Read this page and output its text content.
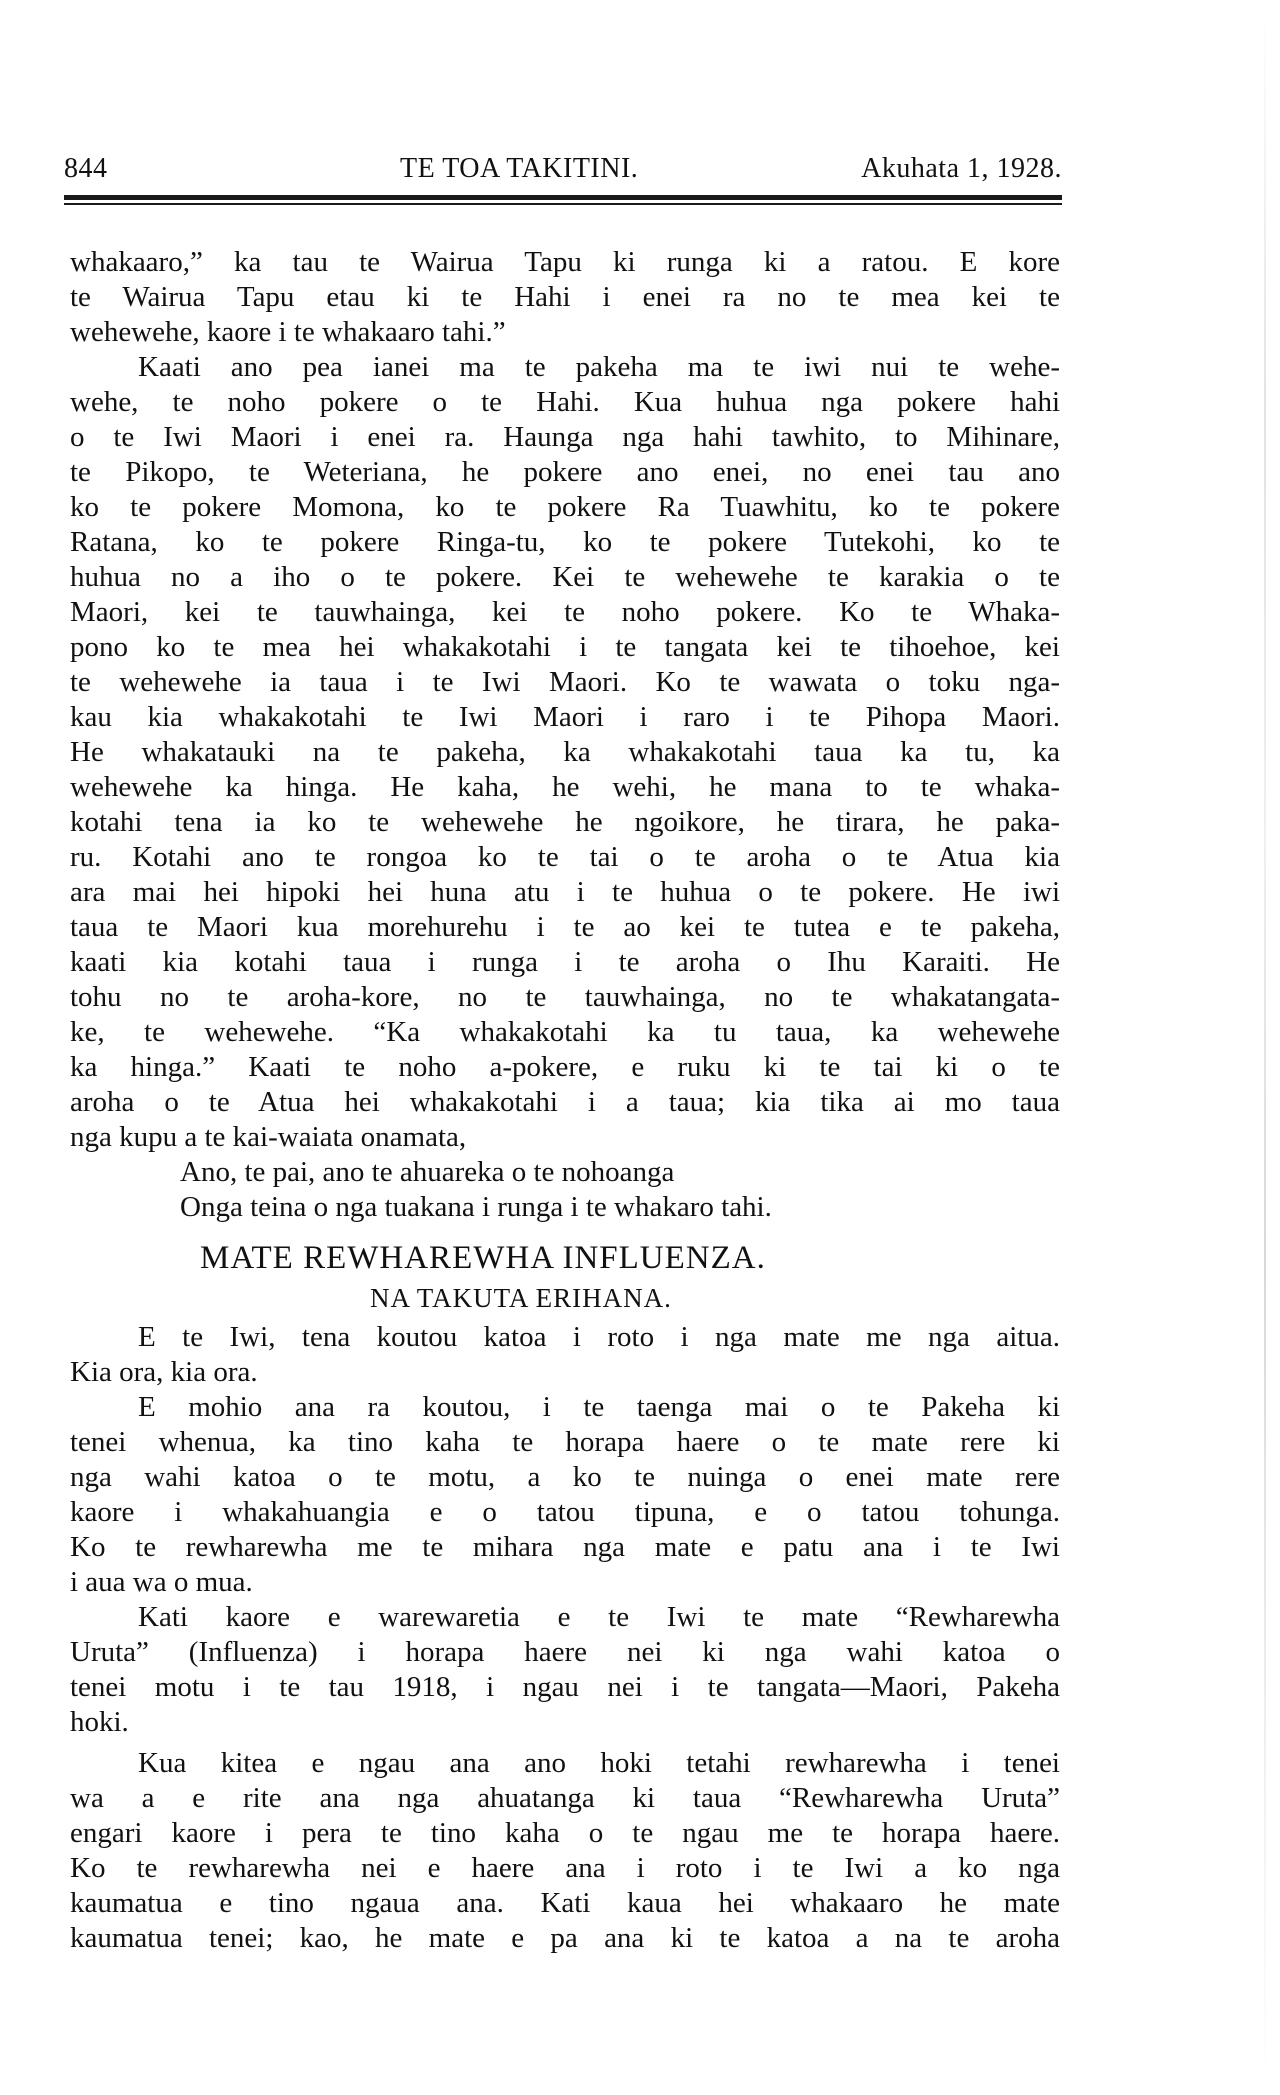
844	TE TOA TAKITINI.	Akuhata 1, 1928.
whakaaro,” ka tau te Wairua Tapu ki runga ki a ratou. E kore
te Wairua Tapu etau ki te Hahi i enei ra no te mea kei te
wehewehe, kaore i te whakaaro tahi.”
Kaati ano pea ianei ma te pakeha ma te iwi nui te wehe-
wehe, te noho pokere o te Hahi. Kua huhua nga pokere hahi
o te Iwi Maori i enei ra. Haunga nga hahi tawhito, to Mihinare,
te Pikopo, te Weteriana, he pokere ano enei, no enei tau ano
ko te pokere Momona, ko te pokere Ra Tuawhitu, ko te pokere
Ratana, ko te pokere Ringa-tu, ko te pokere Tutekohi, ko te
huhua no a iho o te pokere. Kei te wehewehe te karakia o te
Maori, kei te tauwhainga, kei te noho pokere. Ko te Whaka-
pono ko te mea hei whakakotahi i te tangata kei te tihoehoe, kei
te wehewehe ia taua i te Iwi Maori. Ko te wawata o toku nga-
kau kia whakakotahi te Iwi Maori i raro i te Pihopa Maori.
He whakatauki na te pakeha, ka whakakotahi taua ka tu, ka
wehewehe ka hinga. He kaha, he wehi, he mana to te whaka-
kotahi tena ia ko te wehewehe he ngoikore, he tirara, he paka-
ru. Kotahi ano te rongoa ko te tai o te aroha o te Atua kia
ara mai hei hipoki hei huna atu i te huhua o te pokere. He iwi
taua te Maori kua morehurehu i te ao kei te tutea e te pakeha,
kaati kia kotahi taua i runga i te aroha o Ihu Karaiti. He
tohu no te aroha-kore, no te tauwhainga, no te whakatangata-
ke, te wehewehe. “Ka whakakotahi ka tu taua, ka wehewehe
ka hinga.” Kaati te noho a-pokere, e ruku ki te tai ki o te
aroha o te Atua hei whakakotahi i a taua; kia tika ai mo taua
nga kupu a te kai-waiata onamata,
Ano, te pai, ano te ahuareka o te nohoanga
Onga teina o nga tuakana i runga i te whakaro tahi.
MATE REWHAREWHA INFLUENZA.
NA TAKUTA ERIHANA.
E te Iwi, tena koutou katoa i roto i nga mate me nga aitua.
Kia ora, kia ora.
E mohio ana ra koutou, i te taenga mai o te Pakeha ki
tenei whenua, ka tino kaha te horapa haere o te mate rere ki
nga wahi katoa o te motu, a ko te nuinga o enei mate rere
kaore i whakahuangia e o tatou tipuna, e o tatou tohunga.
Ko te rewharewha me te mihara nga mate e patu ana i te Iwi
i aua wa o mua.
Kati kaore e warewaretia e te Iwi te mate “Rewharewha
Uruta” (Influenza) i horapa haere nei ki nga wahi katoa o
tenei motu i te tau 1918, i ngau nei i te tangata—Maori, Pakeha
hoki.
Kua kitea e ngau ana ano hoki tetahi rewharewha i tenei
wa a e rite ana nga ahuatanga ki taua “Rewharewha Uruta”
engari kaore i pera te tino kaha o te ngau me te horapa haere.
Ko te rewharewha nei e haere ana i roto i te Iwi a ko nga
kaumatua e tino ngaua ana. Kati kaua hei whakaaro he mate
kaumatua tenei; kao, he mate e pa ana ki te katoa a na te aroha
